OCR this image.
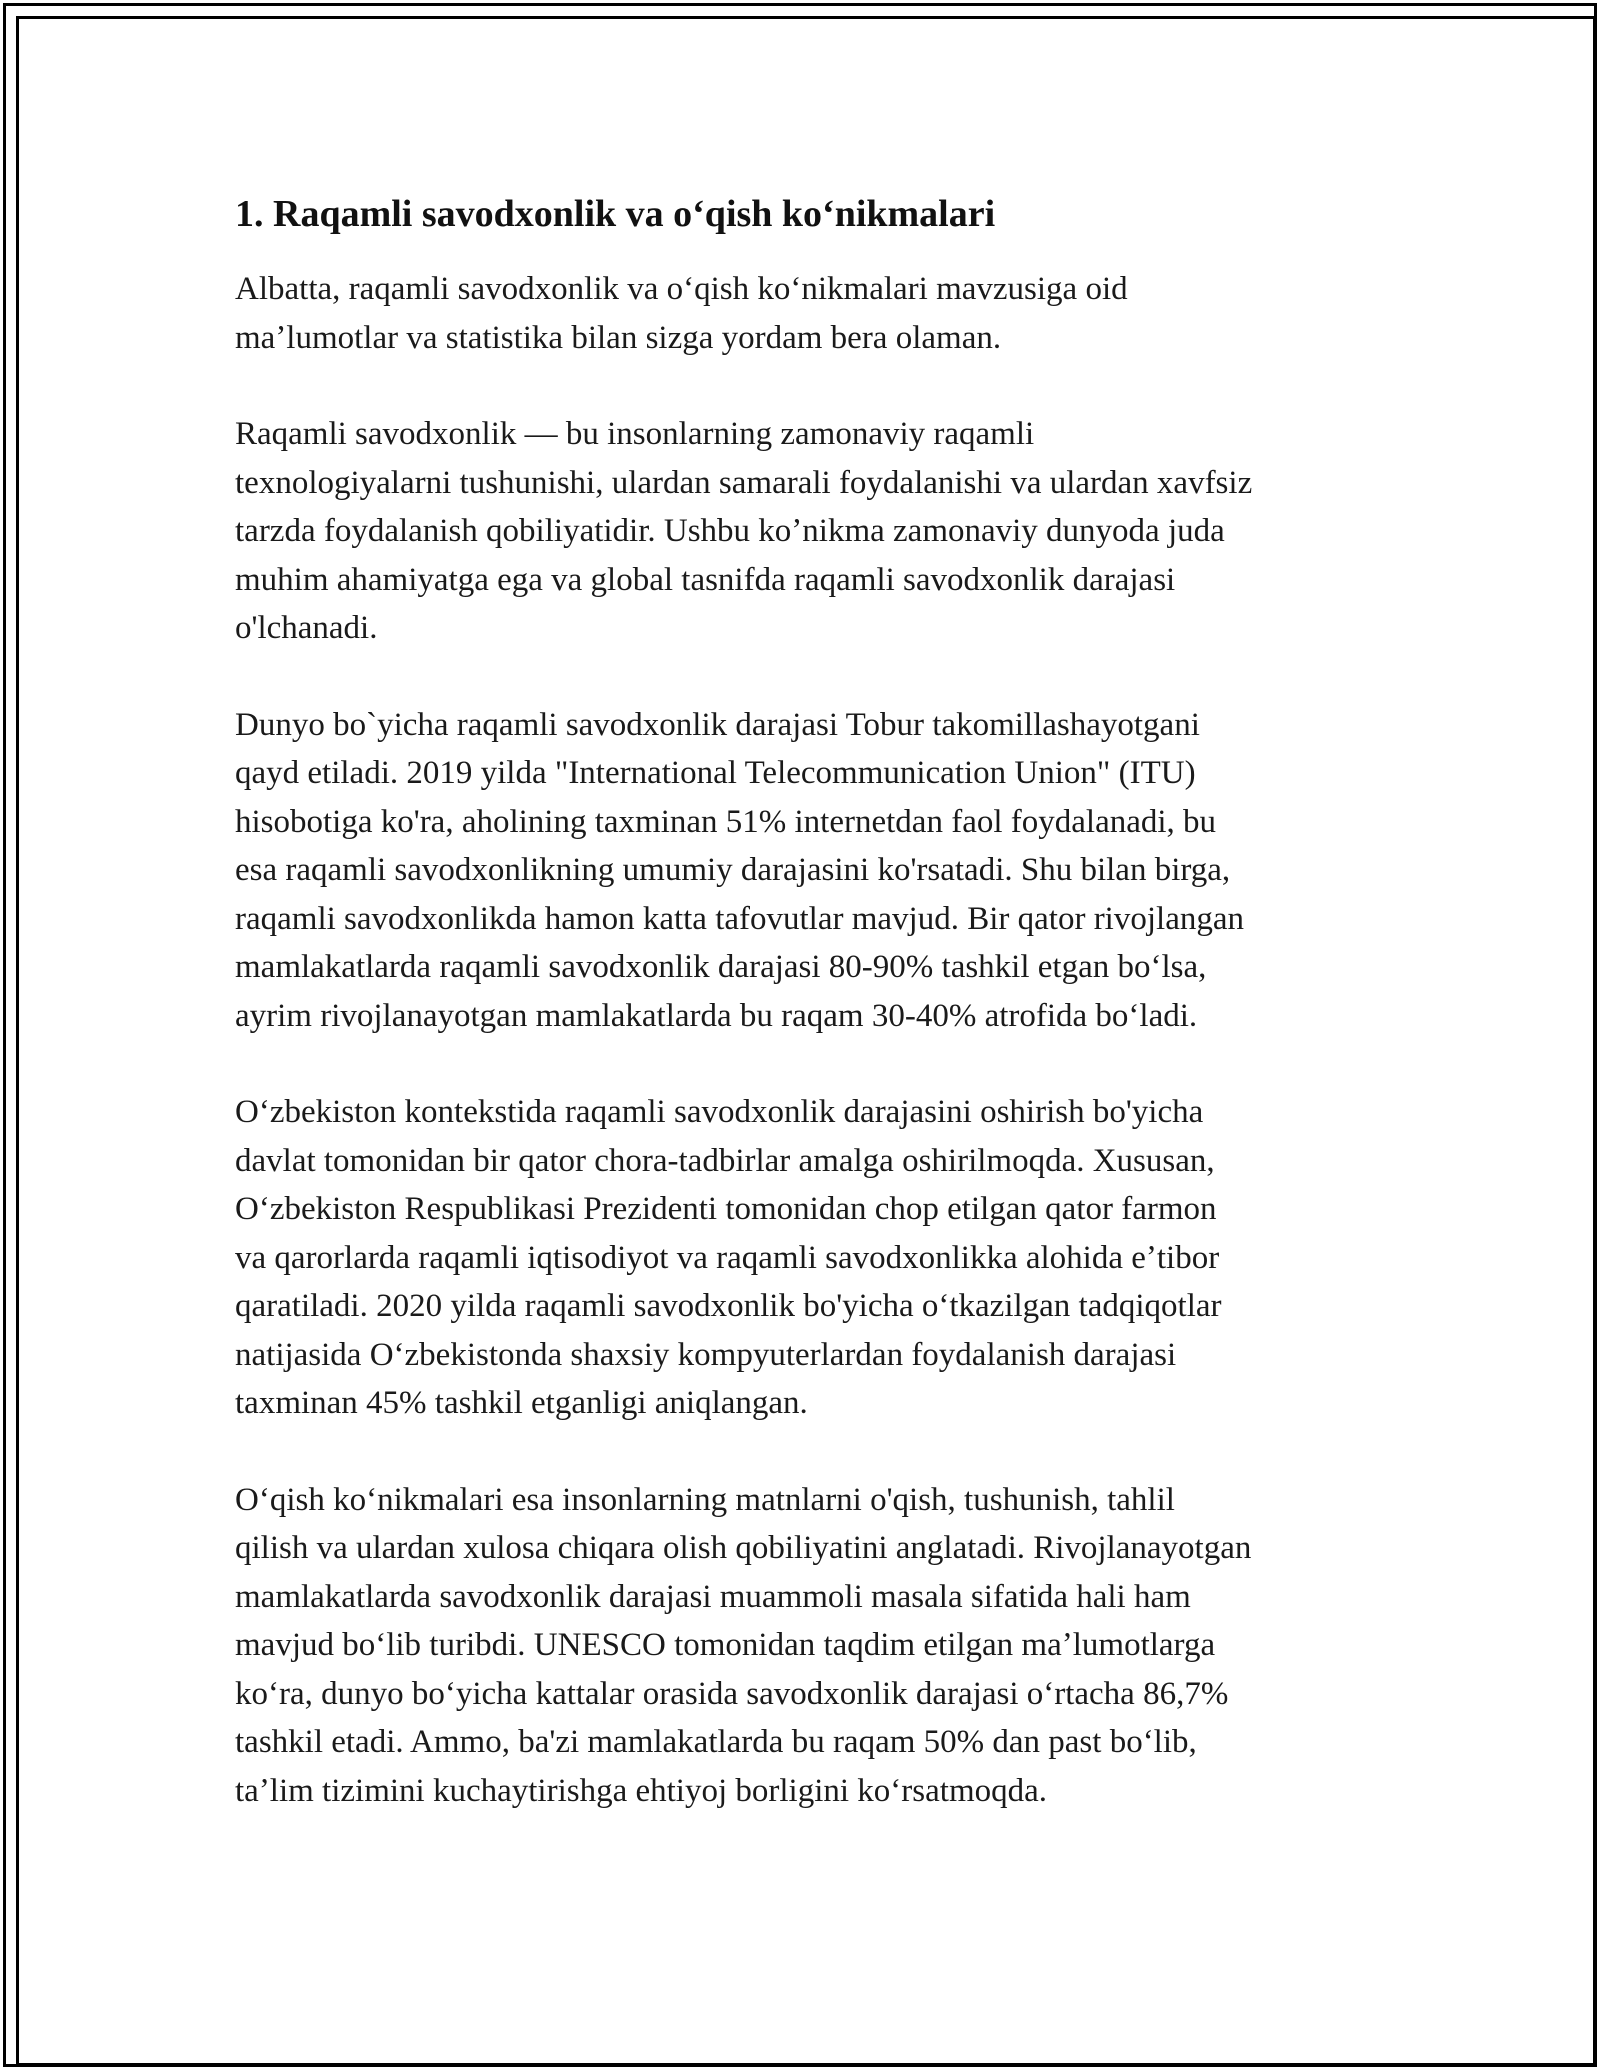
1. Raqamli savodxonlik va oʻqish koʻnikmalari

Albatta, raqamli savodxonlik va oʻqish koʻnikmalari mavzusiga oid
maʼlumotlar va statistika bilan sizga yordam bera olaman.

Raqamli savodxonlik — bu insonlarning zamonaviy raqamli
texnologiyalarni tushunishi, ulardan samarali foydalanishi va ulardan xavfsiz
tarzda foydalanish qobiliyatidir. Ushbu koʼnikma zamonaviy dunyoda juda
muhim ahamiyatga ega va global tasnifda raqamli savodxonlik darajasi
o'lchanadi.

Dunyo bo`yicha raqamli savodxonlik darajasi Tobur takomillashayotgani
qayd etiladi. 2019 yilda "International Telecommunication Union" (ITU)
hisobotiga ko'ra, aholining taxminan 51% internetdan faol foydalanadi, bu
esa raqamli savodxonlikning umumiy darajasini ko'rsatadi. Shu bilan birga,
raqamli savodxonlikda hamon katta tafovutlar mavjud. Bir qator rivojlangan
mamlakatlarda raqamli savodxonlik darajasi 80-90% tashkil etgan boʻlsa,
ayrim rivojlanayotgan mamlakatlarda bu raqam 30-40% atrofida boʻladi.

Oʻzbekiston kontekstida raqamli savodxonlik darajasini oshirish bo'yicha
davlat tomonidan bir qator chora-tadbirlar amalga oshirilmoqda. Xususan,
Oʻzbekiston Respublikasi Prezidenti tomonidan chop etilgan qator farmon
va qarorlarda raqamli iqtisodiyot va raqamli savodxonlikka alohida eʼtibor
qaratiladi. 2020 yilda raqamli savodxonlik bo'yicha oʻtkazilgan tadqiqotlar
natijasida Oʻzbekistonda shaxsiy kompyuterlardan foydalanish darajasi
taxminan 45% tashkil etganligi aniqlangan.

Oʻqish koʻnikmalari esa insonlarning matnlarni o'qish, tushunish, tahlil
qilish va ulardan xulosa chiqara olish qobiliyatini anglatadi. Rivojlanayotgan
mamlakatlarda savodxonlik darajasi muammoli masala sifatida hali ham
mavjud boʻlib turibdi. UNESCO tomonidan taqdim etilgan maʼlumotlarga
koʻra, dunyo boʻyicha kattalar orasida savodxonlik darajasi oʻrtacha 86,7%
tashkil etadi. Ammo, ba'zi mamlakatlarda bu raqam 50% dan past boʻlib,
taʼlim tizimini kuchaytirishga ehtiyoj borligini koʻrsatmoqda.
